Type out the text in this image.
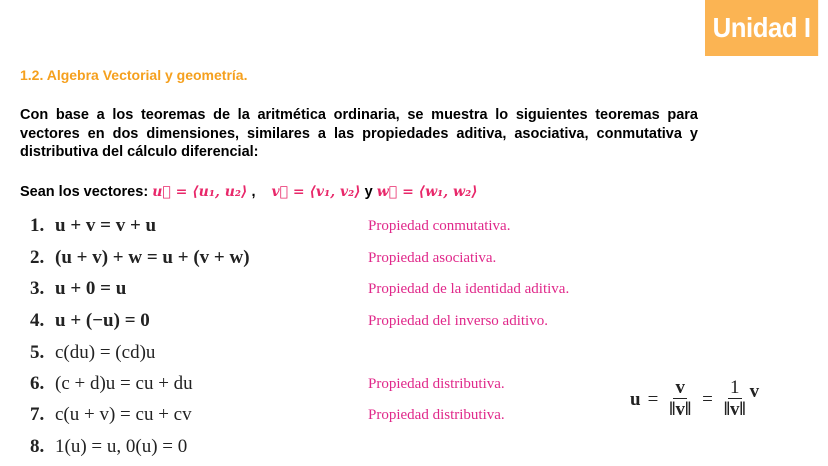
Unidad I
1.2. Algebra Vectorial y geometría.
Con base a los teoremas de la aritmética ordinaria, se muestra lo siguientes teoremas para vectores en dos dimensiones, similares a las propiedades aditiva, asociativa, conmutativa y distributiva del cálculo diferencial:
Sean los vectores: u⃗ = ⟨u₁, u₂⟩ , v⃗ = ⟨v₁, v₂⟩ y w⃗ = ⟨w₁, w₂⟩
1. u + v = v + u	Propiedad conmutativa.
2. (u + v) + w = u + (v + w)	Propiedad asociativa.
3. u + 0 = u	Propiedad de la identidad aditiva.
4. u + (−u) = 0	Propiedad del inverso aditivo.
5. c(du) = (cd)u
6. (c + d)u = cu + du	Propiedad distributiva.
7. c(u + v) = cu + cv	Propiedad distributiva.
8. 1(u) = u, 0(u) = 0
$u = \frac{v}{‖v‖} = \frac{1}{‖v‖}$ v
